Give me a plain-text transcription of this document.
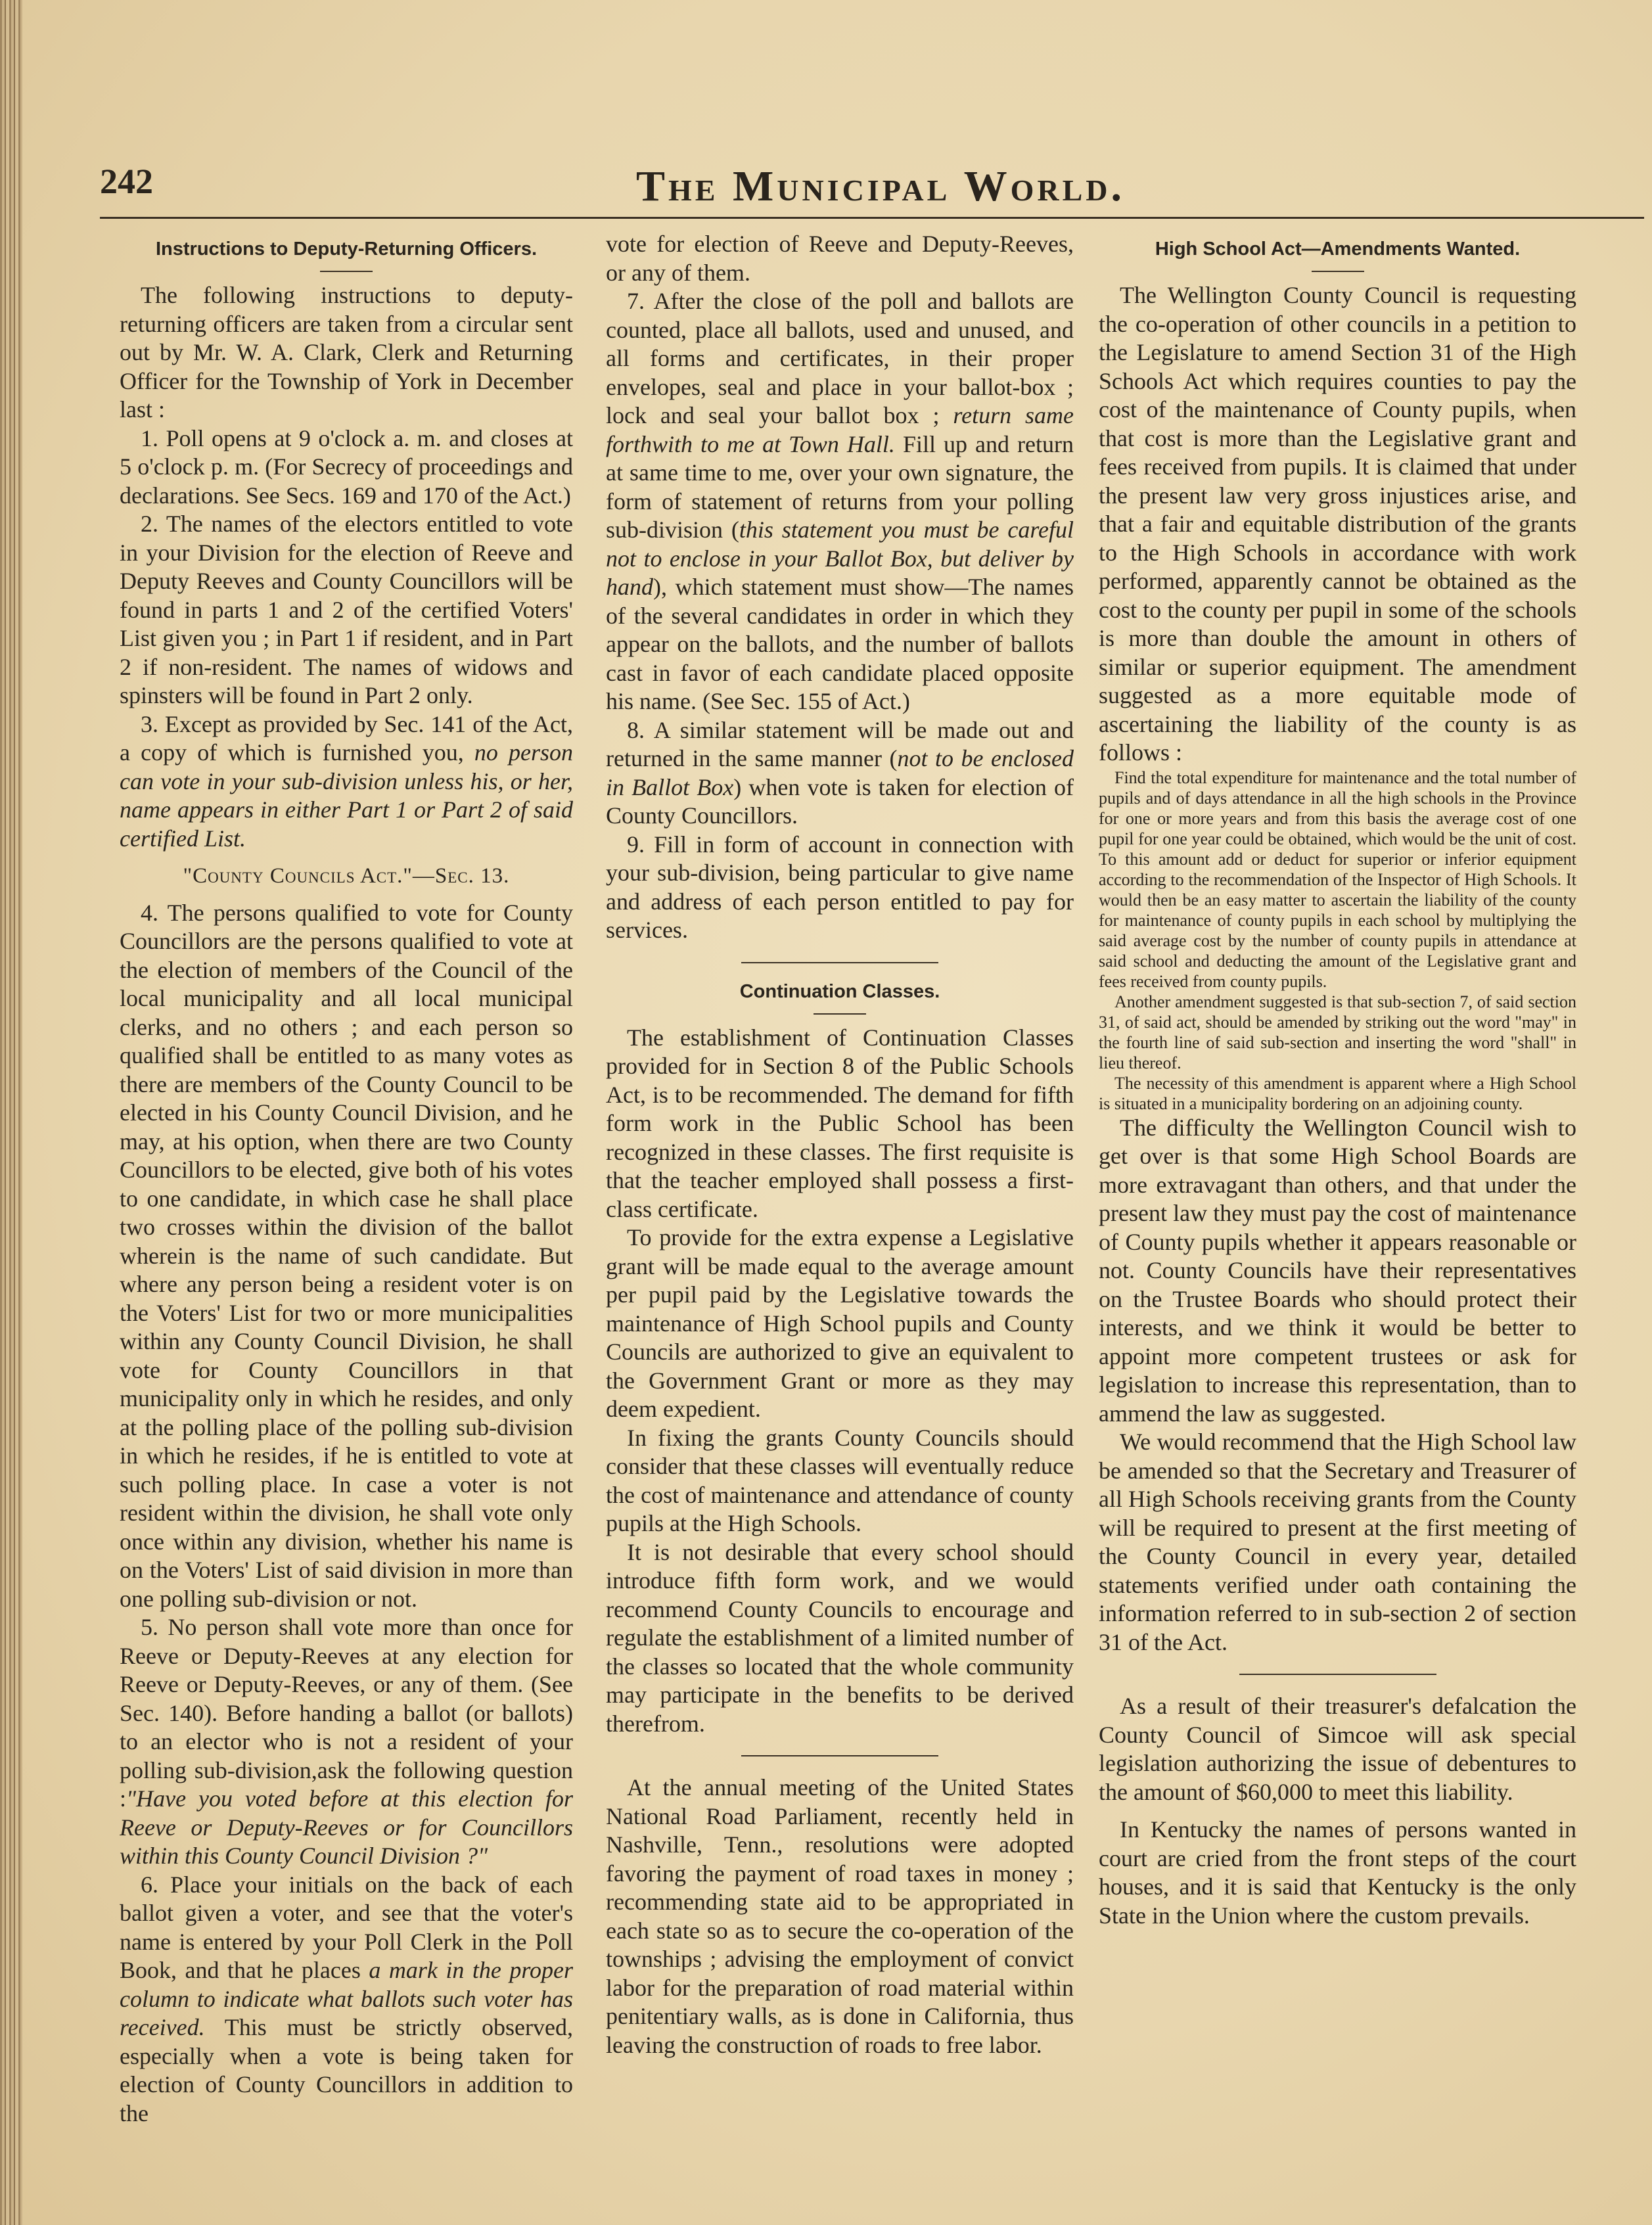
242	The Municipal World.
Instructions to Deputy-Returning Officers.

The following instructions to deputy-returning officers are taken from a circular sent out by Mr. W. A. Clark, Clerk and Returning Officer for the Township of York in December last :

1. Poll opens at 9 o'clock a. m. and closes at 5 o'clock p. m. (For Secrecy of proceedings and declarations. See Secs. 169 and 170 of the Act.)

2. The names of the electors entitled to vote in your Division for the election of Reeve and Deputy Reeves and County Councillors will be found in parts 1 and 2 of the certified Voters' List given you ; in Part 1 if resident, and in Part 2 if non-resident. The names of widows and spinsters will be found in Part 2 only.

3. Except as provided by Sec. 141 of the Act, a copy of which is furnished you, no person can vote in your sub-division unless his, or her, name appears in either Part 1 or Part 2 of said certified List.

"County Councils Act."—Sec. 13.

4. The persons qualified to vote for County Councillors are the persons qualified to vote at the election of members of the Council of the local municipality and all local municipal clerks, and no others ; and each person so qualified shall be entitled to as many votes as there are members of the County Council to be elected in his County Council Division, and he may, at his option, when there are two County Councillors to be elected, give both of his votes to one candidate, in which case he shall place two crosses within the division of the ballot wherein is the name of such candidate. But where any person being a resident voter is on the Voters' List for two or more municipalities within any County Council Division, he shall vote for County Councillors in that municipality only in which he resides, and only at the polling place of the polling sub-division in which he resides, if he is entitled to vote at such polling place. In case a voter is not resident within the division, he shall vote only once within any division, whether his name is on the Voters' List of said division in more than one polling sub-division or not.

5. No person shall vote more than once for Reeve or Deputy-Reeves at any election for Reeve or Deputy-Reeves, or any of them. (See Sec. 140). Before handing a ballot (or ballots) to an elector who is not a resident of your polling sub-division,ask the following question :"Have you voted before at this election for Reeve or Deputy-Reeves or for Councillors within this County Council Division ?"

6. Place your initials on the back of each ballot given a voter, and see that the voter's name is entered by your Poll Clerk in the Poll Book, and that he places a mark in the proper column to indicate what ballots such voter has received. This must be strictly observed, especially when a vote is being taken for election of County Councillors in addition to the

vote for election of Reeve and Deputy-Reeves, or any of them.

7. After the close of the poll and ballots are counted, place all ballots, used and unused, and all forms and certificates, in their proper envelopes, seal and place in your ballot-box ; lock and seal your ballot box ; return same forthwith to me at Town Hall. Fill up and return at same time to me, over your own signature, the form of statement of returns from your polling sub-division (this statement you must be careful not to enclose in your Ballot Box, but deliver by hand), which statement must show—The names of the several candidates in order in which they appear on the ballots, and the number of ballots cast in favor of each candidate placed opposite his name. (See Sec. 155 of Act.)

8. A similar statement will be made out and returned in the same manner (not to be enclosed in Ballot Box) when vote is taken for election of County Councillors.

9. Fill in form of account in connection with your sub-division, being particular to give name and address of each person entitled to pay for services.

Continuation Classes.

The establishment of Continuation Classes provided for in Section 8 of the Public Schools Act, is to be recommended. The demand for fifth form work in the Public School has been recognized in these classes. The first requisite is that the teacher employed shall possess a first-class certificate.

To provide for the extra expense a Legislative grant will be made equal to the average amount per pupil paid by the Legislative towards the maintenance of High School pupils and County Councils are authorized to give an equivalent to the Government Grant or more as they may deem expedient.

In fixing the grants County Councils should consider that these classes will eventually reduce the cost of maintenance and attendance of county pupils at the High Schools.

It is not desirable that every school should introduce fifth form work, and we would recommend County Councils to encourage and regulate the establishment of a limited number of the classes so located that the whole community may participate in the benefits to be derived therefrom.

At the annual meeting of the United States National Road Parliament, recently held in Nashville, Tenn., resolutions were adopted favoring the payment of road taxes in money ; recommending state aid to be appropriated in each state so as to secure the co-operation of the townships ; advising the employment of convict labor for the preparation of road material within penitentiary walls, as is done in California, thus leaving the construction of roads to free labor.

High School Act—Amendments Wanted.

The Wellington County Council is requesting the co-operation of other councils in a petition to the Legislature to amend Section 31 of the High Schools Act which requires counties to pay the cost of the maintenance of County pupils, when that cost is more than the Legislative grant and fees received from pupils. It is claimed that under the present law very gross injustices arise, and that a fair and equitable distribution of the grants to the High Schools in accordance with work performed, apparently cannot be obtained as the cost to the county per pupil in some of the schools is more than double the amount in others of similar or superior equipment. The amendment suggested as a more equitable mode of ascertaining the liability of the county is as follows :

Find the total expenditure for maintenance and the total number of pupils and of days attendance in all the high schools in the Province for one or more years and from this basis the average cost of one pupil for one year could be obtained, which would be the unit of cost. To this amount add or deduct for superior or inferior equipment according to the recommendation of the Inspector of High Schools. It would then be an easy matter to ascertain the liability of the county for maintenance of county pupils in each school by multiplying the said average cost by the number of county pupils in attendance at said school and deducting the amount of the Legislative grant and fees received from county pupils.

Another amendment suggested is that sub-section 7, of said section 31, of said act, should be amended by striking out the word "may" in the fourth line of said sub-section and inserting the word "shall" in lieu thereof.

The necessity of this amendment is apparent where a High School is situated in a municipality bordering on an adjoining county.

The difficulty the Wellington Council wish to get over is that some High School Boards are more extravagant than others, and that under the present law they must pay the cost of maintenance of County pupils whether it appears reasonable or not. County Councils have their representatives on the Trustee Boards who should protect their interests, and we think it would be better to appoint more competent trustees or ask for legislation to increase this representation, than to ammend the law as suggested.

We would recommend that the High School law be amended so that the Secretary and Treasurer of all High Schools receiving grants from the County will be required to present at the first meeting of the County Council in every year, detailed statements verified under oath containing the information referred to in sub-section 2 of section 31 of the Act.

As a result of their treasurer's defalcation the County Council of Simcoe will ask special legislation authorizing the issue of debentures to the amount of $60,000 to meet this liability.

In Kentucky the names of persons wanted in court are cried from the front steps of the court houses, and it is said that Kentucky is the only State in the Union where the custom prevails.
